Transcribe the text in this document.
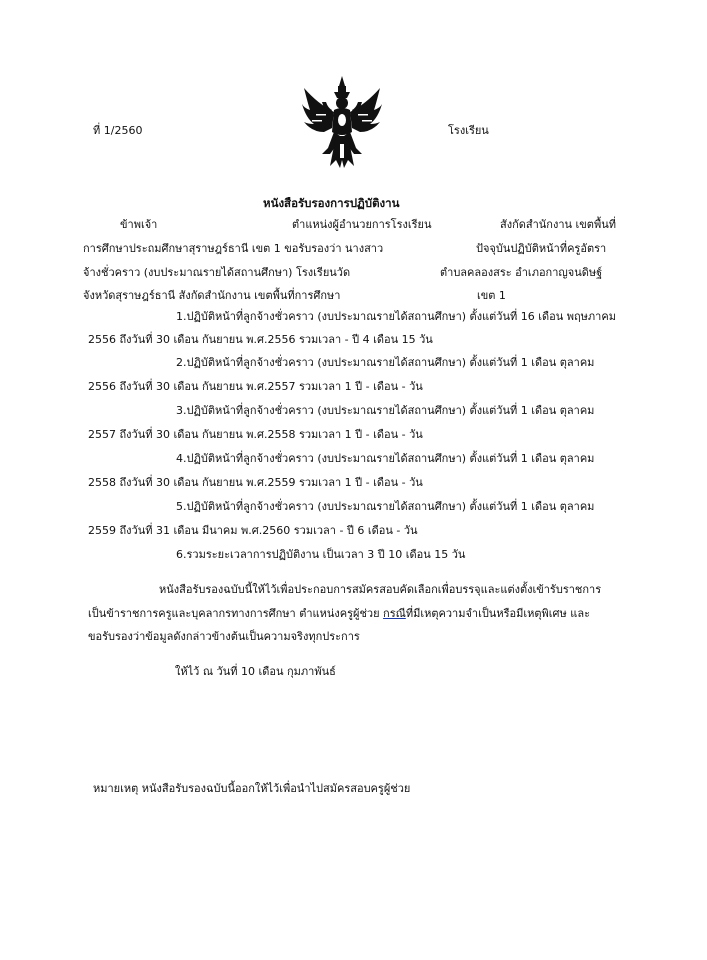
ที่ 1/2560	โรงเรียน
หนังสือรับรองการปฏิบัติงาน
ข้าพเจ้า	ตำแหน่งผู้อำนวยการโรงเรียน	สังกัดสำนักงาน เขตพื้นที่
การศึกษาประถมศึกษาสุราษฎร์ธานี เขต 1 ขอรับรองว่า นางสาว	ปัจจุบันปฏิบัติหน้าที่ครูอัตรา
จ้างชั่วคราว (งบประมาณรายได้สถานศึกษา) โรงเรียนวัด	ตำบลคลองสระ อำเภอกาญจนดิษฐ์
จังหวัดสุราษฎร์ธานี สังกัดสำนักงาน เขตพื้นที่การศึกษา	เขต 1
1.ปฏิบัติหน้าที่ลูกจ้างชั่วคราว (งบประมาณรายได้สถานศึกษา) ตั้งแต่วันที่ 16 เดือน พฤษภาคม
2556 ถึงวันที่ 30 เดือน กันยายน พ.ศ.2556 รวมเวลา - ปี 4 เดือน 15 วัน
2.ปฏิบัติหน้าที่ลูกจ้างชั่วคราว (งบประมาณรายได้สถานศึกษา) ตั้งแต่วันที่ 1 เดือน ตุลาคม
2556 ถึงวันที่ 30 เดือน กันยายน พ.ศ.2557 รวมเวลา 1 ปี - เดือน - วัน
3.ปฏิบัติหน้าที่ลูกจ้างชั่วคราว (งบประมาณรายได้สถานศึกษา) ตั้งแต่วันที่ 1 เดือน ตุลาคม
2557 ถึงวันที่ 30 เดือน กันยายน พ.ศ.2558 รวมเวลา 1 ปี - เดือน - วัน
4.ปฏิบัติหน้าที่ลูกจ้างชั่วคราว (งบประมาณรายได้สถานศึกษา) ตั้งแต่วันที่ 1 เดือน ตุลาคม
2558 ถึงวันที่ 30 เดือน กันยายน พ.ศ.2559 รวมเวลา 1 ปี - เดือน - วัน
5.ปฏิบัติหน้าที่ลูกจ้างชั่วคราว (งบประมาณรายได้สถานศึกษา) ตั้งแต่วันที่ 1 เดือน ตุลาคม
2559 ถึงวันที่ 31 เดือน มีนาคม พ.ศ.2560 รวมเวลา - ปี 6 เดือน - วัน
6.รวมระยะเวลาการปฏิบัติงาน เป็นเวลา 3 ปี 10 เดือน 15 วัน
หนังสือรับรองฉบับนี้ให้ไว้เพื่อประกอบการสมัครสอบคัดเลือกเพื่อบรรจุและแต่งตั้งเข้ารับราชการ
เป็นข้าราชการครูและบุคลากรทางการศึกษา ตำแหน่งครูผู้ช่วย กรณีที่มีเหตุความจำเป็นหรือมีเหตุพิเศษ และ
ขอรับรองว่าข้อมูลดังกล่าวข้างต้นเป็นความจริงทุกประการ
ให้ไว้ ณ วันที่ 10 เดือน กุมภาพันธ์
หมายเหตุ หนังสือรับรองฉบับนี้ออกให้ไว้เพื่อนำไปสมัครสอบครูผู้ช่วย
